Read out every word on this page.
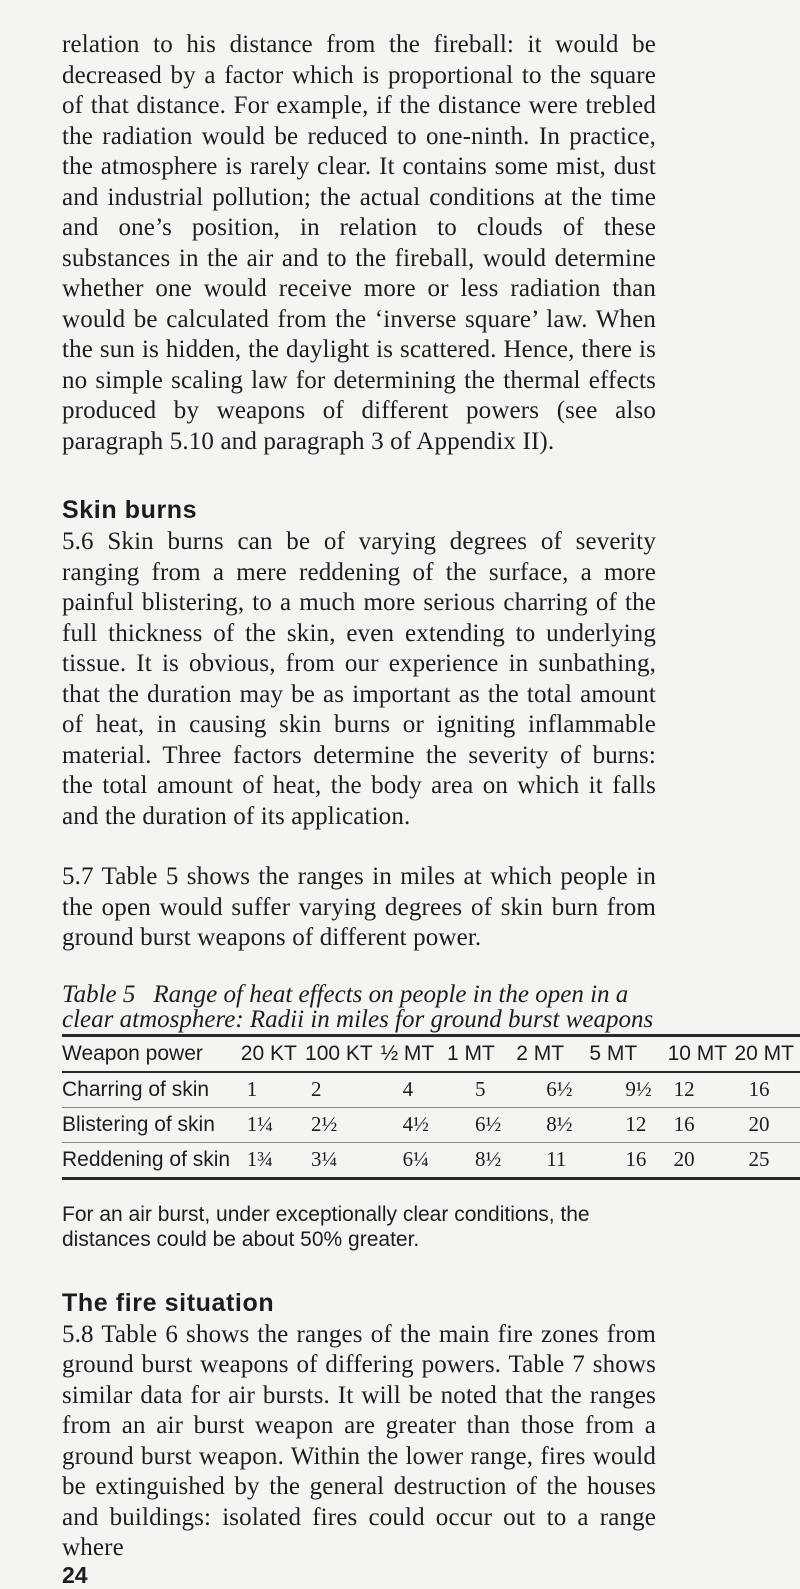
relation to his distance from the fireball: it would be decreased by a factor which is proportional to the square of that distance. For example, if the distance were trebled the radiation would be reduced to one-ninth. In practice, the atmosphere is rarely clear. It contains some mist, dust and industrial pollution; the actual conditions at the time and one’s position, in relation to clouds of these substances in the air and to the fireball, would determine whether one would receive more or less radiation than would be calculated from the ‘inverse square’ law. When the sun is hidden, the daylight is scattered. Hence, there is no simple scaling law for determining the thermal effects produced by weapons of different powers (see also paragraph 5.10 and paragraph 3 of Appendix II).

Skin burns

5.6 Skin burns can be of varying degrees of severity ranging from a mere reddening of the surface, a more painful blistering, to a much more serious charring of the full thickness of the skin, even extending to underlying tissue. It is obvious, from our experience in sunbathing, that the duration may be as important as the total amount of heat, in causing skin burns or igniting inflammable material. Three factors determine the severity of burns: the total amount of heat, the body area on which it falls and the duration of its application.

5.7 Table 5 shows the ranges in miles at which people in the open would suffer varying degrees of skin burn from ground burst weapons of different power.

Table 5 Range of heat effects on people in the open in a clear atmosphere: Radii in miles for ground burst weapons
Weapon power	20 KT	100 KT	½ MT	1 MT	2 MT	5 MT	10 MT	20 MT
Charring of skin	1	2	4	5	6½	9½	12	16
Blistering of skin	1¼	2½	4½	6½	8½	12	16	20
Reddening of skin	1¾	3¼	6¼	8½	11	16	20	25

For an air burst, under exceptionally clear conditions, the distances could be about 50% greater.

The fire situation

5.8 Table 6 shows the ranges of the main fire zones from ground burst weapons of differing powers. Table 7 shows similar data for air bursts. It will be noted that the ranges from an air burst weapon are greater than those from a ground burst weapon. Within the lower range, fires would be extinguished by the general destruction of the houses and buildings: isolated fires could occur out to a range where

24
